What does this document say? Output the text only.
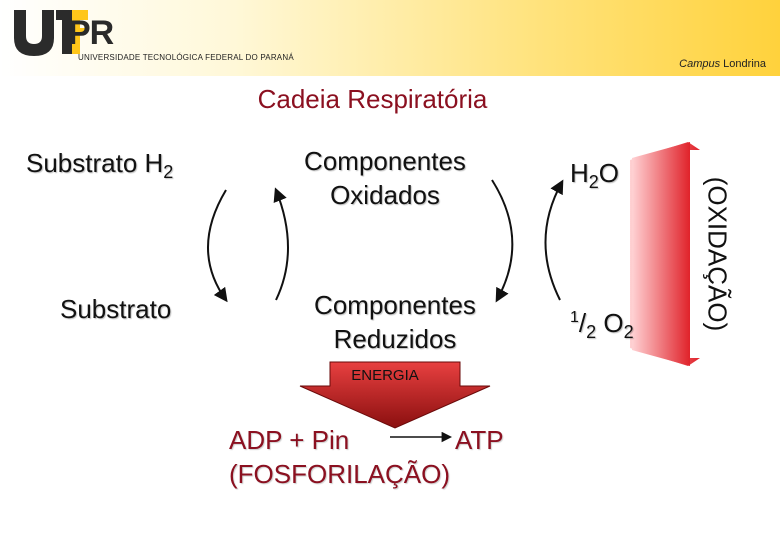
PR
UNIVERSIDADE TECNOLÓGICA FEDERAL DO PARANÁ
Campus Londrina
Cadeia Respiratória
Substrato $H_2$
Substrato
Componentes
Oxidados
Componentes
Reduzidos
$H_2O$
$^1/_2$ $O_2$
ENERGIA
ADP + Pin	ATP
(FOSFORILAÇÃO)
(OXIDAÇÃO)
